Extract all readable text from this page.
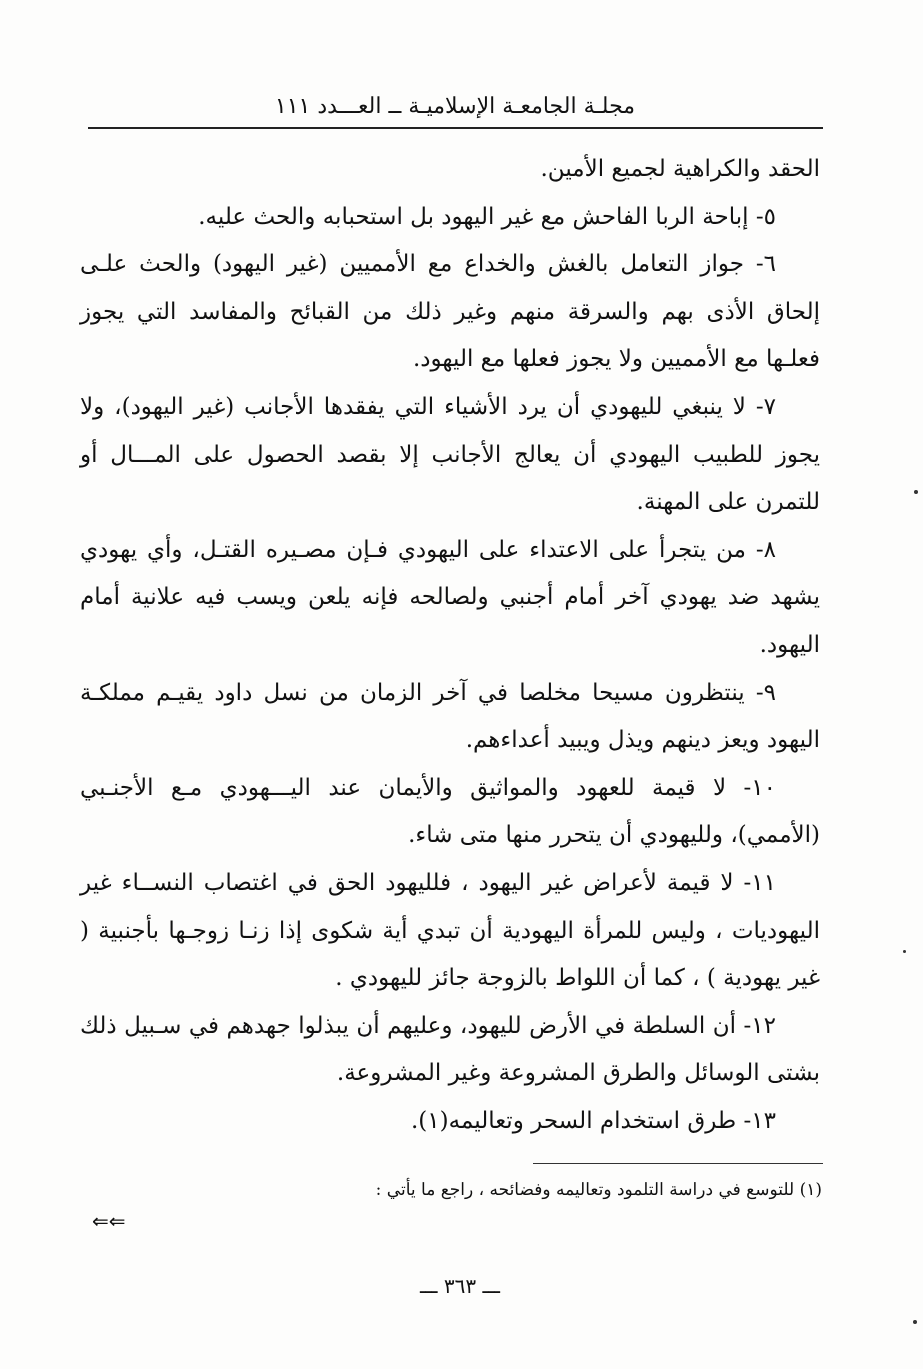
مجلـة الجامعـة الإسلاميـة ــ العـــدد ١١١

الحقد والكراهية لجميع الأمين.

٥- إباحة الربا الفاحش مع غير اليهود بل استحبابه والحث عليه.

٦- جواز التعامل بالغش والخداع مع الأمميين (غير اليهود) والحث علـى إلحاق الأذى بهم والسرقة منهم وغير ذلك من القبائح والمفاسد التي يجوز فعلـها مع الأمميين ولا يجوز فعلها مع اليهود.

٧- لا ينبغي لليهودي أن يرد الأشياء التي يفقدها الأجانب (غير اليهود)، ولا يجوز للطبيب اليهودي أن يعالج الأجانب إلا بقصد الحصول على المـــال أو للتمرن على المهنة.

٨- من يتجرأ على الاعتداء على اليهودي فـإن مصـيره القتـل، وأي يهودي يشهد ضد يهودي آخر أمام أجنبي ولصالحه فإنه يلعن ويسب فيه علانية أمام اليهود.

٩- ينتظرون مسيحا مخلصا في آخر الزمان من نسل داود يقيـم مملكـة اليهود ويعز دينهم ويذل ويبيد أعداءهم.

١٠- لا قيمة للعهود والمواثيق والأيمان عند اليـــهودي مـع الأجنـبي (الأممي)، ولليهودي أن يتحرر منها متى شاء.

١١- لا قيمة لأعراض غير اليهود ، فلليهود الحق في اغتصاب النســاء غير اليهوديات ، وليس للمرأة اليهودية أن تبدي أية شكوى إذا زنـا زوجـها بأجنبية ( غير يهودية ) ، كما أن اللواط بالزوجة جائز لليهودي .

١٢- أن السلطة في الأرض لليهود، وعليهم أن يبذلوا جهدهم في سـبيل ذلك بشتى الوسائل والطرق المشروعة وغير المشروعة.

١٣- طرق استخدام السحر وتعاليمه(١).

(١) للتوسع في دراسة التلمود وتعاليمه وفضائحه ، راجع ما يأتي :
⇐⇐
ـــ ٣٦٣ ـــ
